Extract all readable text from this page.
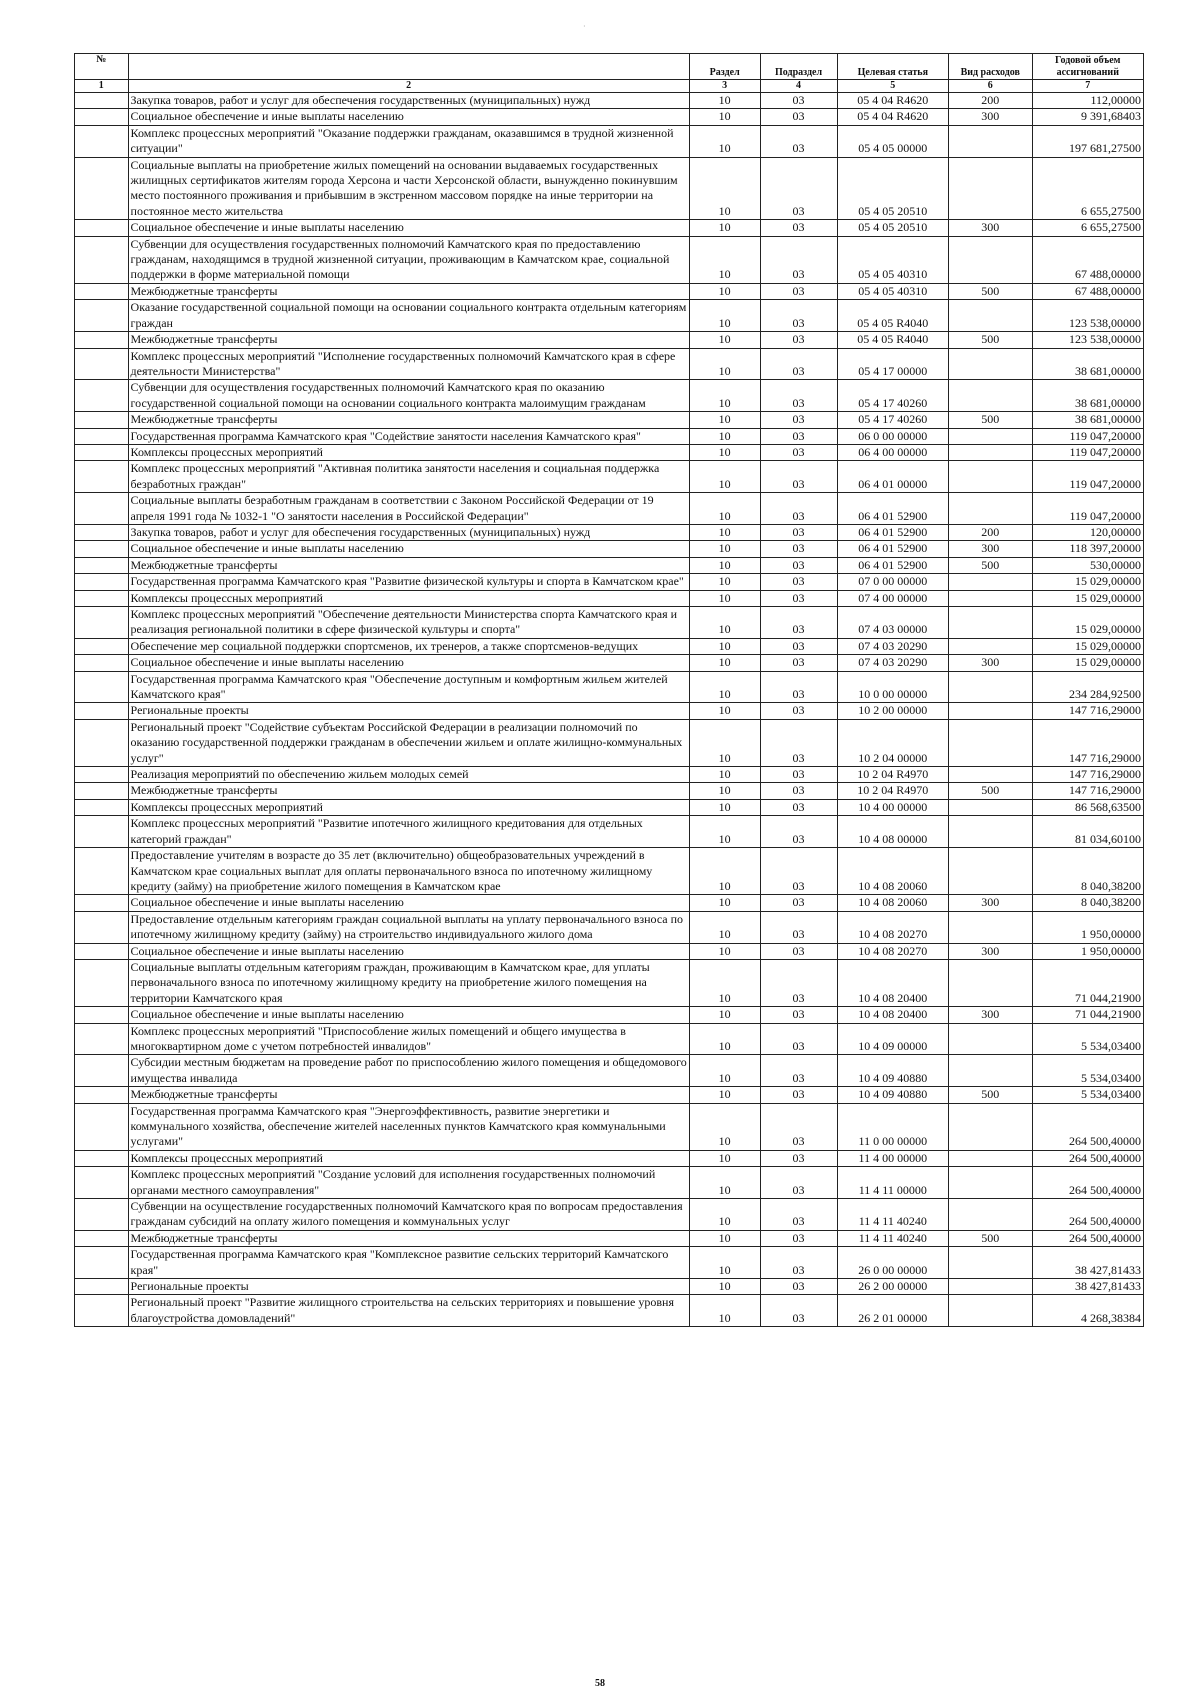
·
№		Раздел	Подраздел	Целевая статья	Вид расходов	Годовой объем ассигнований
1	2	3	4	5	6	7
	Закупка товаров, работ и услуг для обеспечения государственных (муниципальных) нужд	10	03	05 4 04 R4620	200	112,00000
	Социальное обеспечение и иные выплаты населению	10	03	05 4 04 R4620	300	9 391,68403
	Комплекс процессных мероприятий "Оказание поддержки гражданам, оказавшимся в трудной жизненной ситуации"	10	03	05 4 05 00000		197 681,27500
	Социальные выплаты на приобретение жилых помещений на основании выдаваемых государственных жилищных сертификатов жителям города Херсона и части Херсонской области, вынужденно покинувшим место постоянного проживания и прибывшим в экстренном массовом порядке на иные территории на постоянное место жительства	10	03	05 4 05 20510		6 655,27500
	Социальное обеспечение и иные выплаты населению	10	03	05 4 05 20510	300	6 655,27500
	Субвенции для осуществления государственных полномочий Камчатского края по предоставлению гражданам, находящимся в трудной жизненной ситуации, проживающим в Камчатском крае, социальной поддержки в форме материальной помощи	10	03	05 4 05 40310		67 488,00000
	Межбюджетные трансферты	10	03	05 4 05 40310	500	67 488,00000
	Оказание государственной социальной помощи на основании социального контракта отдельным категориям граждан	10	03	05 4 05 R4040		123 538,00000
	Межбюджетные трансферты	10	03	05 4 05 R4040	500	123 538,00000
	Комплекс процессных мероприятий "Исполнение государственных полномочий Камчатского края в сфере деятельности Министерства"	10	03	05 4 17 00000		38 681,00000
	Субвенции для осуществления государственных полномочий Камчатского края по оказанию государственной социальной помощи на основании социального контракта малоимущим гражданам	10	03	05 4 17 40260		38 681,00000
	Межбюджетные трансферты	10	03	05 4 17 40260	500	38 681,00000
	Государственная программа Камчатского края "Содействие занятости населения Камчатского края"	10	03	06 0 00 00000		119 047,20000
	Комплексы процессных мероприятий	10	03	06 4 00 00000		119 047,20000
	Комплекс процессных мероприятий "Активная политика занятости населения и социальная поддержка безработных граждан"	10	03	06 4 01 00000		119 047,20000
	Социальные выплаты безработным гражданам в соответствии с Законом Российской Федерации от 19 апреля 1991 года № 1032-1 "О занятости населения в Российской Федерации"	10	03	06 4 01 52900		119 047,20000
	Закупка товаров, работ и услуг для обеспечения государственных (муниципальных) нужд	10	03	06 4 01 52900	200	120,00000
	Социальное обеспечение и иные выплаты населению	10	03	06 4 01 52900	300	118 397,20000
	Межбюджетные трансферты	10	03	06 4 01 52900	500	530,00000
	Государственная программа Камчатского края "Развитие физической культуры и спорта в Камчатском крае"	10	03	07 0 00 00000		15 029,00000
	Комплексы процессных мероприятий	10	03	07 4 00 00000		15 029,00000
	Комплекс процессных мероприятий "Обеспечение деятельности Министерства спорта Камчатского края и реализация региональной политики в сфере физической культуры и спорта"	10	03	07 4 03 00000		15 029,00000
	Обеспечение мер социальной поддержки спортсменов, их тренеров, а также спортсменов-ведущих	10	03	07 4 03 20290		15 029,00000
	Социальное обеспечение и иные выплаты населению	10	03	07 4 03 20290	300	15 029,00000
	Государственная программа Камчатского края "Обеспечение доступным и комфортным жильем жителей Камчатского края"	10	03	10 0 00 00000		234 284,92500
	Региональные проекты	10	03	10 2 00 00000		147 716,29000
	Региональный проект "Содействие субъектам Российской Федерации в реализации полномочий по оказанию государственной поддержки гражданам в обеспечении жильем и оплате жилищно-коммунальных услуг"	10	03	10 2 04 00000		147 716,29000
	Реализация мероприятий по обеспечению жильем молодых семей	10	03	10 2 04 R4970		147 716,29000
	Межбюджетные трансферты	10	03	10 2 04 R4970	500	147 716,29000
	Комплексы процессных мероприятий	10	03	10 4 00 00000		86 568,63500
	Комплекс процессных мероприятий "Развитие ипотечного жилищного кредитования для отдельных категорий граждан"	10	03	10 4 08 00000		81 034,60100
	Предоставление учителям в возрасте до 35 лет (включительно) общеобразовательных учреждений в Камчатском крае социальных выплат для оплаты первоначального взноса по ипотечному жилищному кредиту (займу) на приобретение жилого помещения в Камчатском крае	10	03	10 4 08 20060		8 040,38200
	Социальное обеспечение и иные выплаты населению	10	03	10 4 08 20060	300	8 040,38200
	Предоставление отдельным категориям граждан социальной выплаты на уплату первоначального взноса по ипотечному жилищному кредиту (займу) на строительство индивидуального жилого дома	10	03	10 4 08 20270		1 950,00000
	Социальное обеспечение и иные выплаты населению	10	03	10 4 08 20270	300	1 950,00000
	Социальные выплаты отдельным категориям граждан, проживающим в Камчатском крае, для уплаты первоначального взноса по ипотечному жилищному кредиту на приобретение жилого помещения на территории Камчатского края	10	03	10 4 08 20400		71 044,21900
	Социальное обеспечение и иные выплаты населению	10	03	10 4 08 20400	300	71 044,21900
	Комплекс процессных мероприятий "Приспособление жилых помещений и общего имущества в многоквартирном доме с учетом потребностей инвалидов"	10	03	10 4 09 00000		5 534,03400
	Субсидии местным бюджетам на проведение работ по приспособлению жилого помещения и общедомового имущества инвалида	10	03	10 4 09 40880		5 534,03400
	Межбюджетные трансферты	10	03	10 4 09 40880	500	5 534,03400
	Государственная программа Камчатского края "Энергоэффективность, развитие энергетики и коммунального хозяйства, обеспечение жителей населенных пунктов Камчатского края коммунальными услугами"	10	03	11 0 00 00000		264 500,40000
	Комплексы процессных мероприятий	10	03	11 4 00 00000		264 500,40000
	Комплекс процессных мероприятий "Создание условий для исполнения государственных полномочий органами местного самоуправления"	10	03	11 4 11 00000		264 500,40000
	Субвенции на осуществление государственных полномочий Камчатского края по вопросам предоставления гражданам субсидий на оплату жилого помещения и коммунальных услуг	10	03	11 4 11 40240		264 500,40000
	Межбюджетные трансферты	10	03	11 4 11 40240	500	264 500,40000
	Государственная программа Камчатского края "Комплексное развитие сельских территорий Камчатского края"	10	03	26 0 00 00000		38 427,81433
	Региональные проекты	10	03	26 2 00 00000		38 427,81433
	Региональный проект "Развитие жилищного строительства на сельских территориях и повышение уровня благоустройства домовладений"	10	03	26 2 01 00000		4 268,38384
58
